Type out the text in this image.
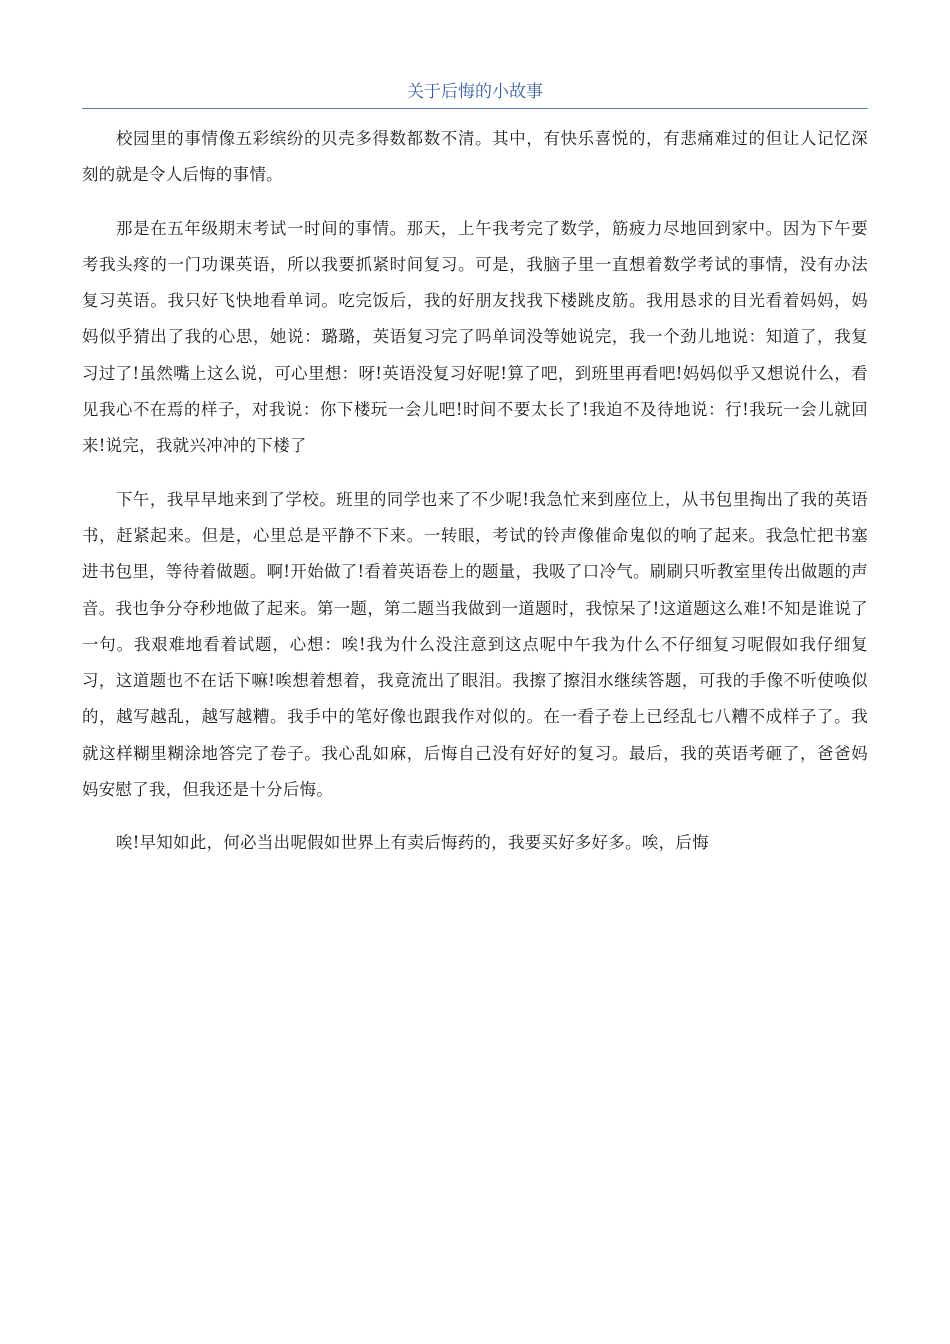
关于后悔的小故事

校园里的事情像五彩缤纷的贝壳多得数都数不清。其中，有快乐喜悦的，有悲痛难过的但让人记忆深刻的就是令人后悔的事情。

那是在五年级期末考试一时间的事情。那天，上午我考完了数学，筋疲力尽地回到家中。因为下午要考我头疼的一门功课英语，所以我要抓紧时间复习。可是，我脑子里一直想着数学考试的事情，没有办法复习英语。我只好飞快地看单词。吃完饭后，我的好朋友找我下楼跳皮筋。我用恳求的目光看着妈妈，妈妈似乎猜出了我的心思，她说：璐璐，英语复习完了吗单词没等她说完，我一个劲儿地说：知道了，我复习过了!虽然嘴上这么说，可心里想：呀!英语没复习好呢!算了吧，到班里再看吧!妈妈似乎又想说什么，看见我心不在焉的样子，对我说：你下楼玩一会儿吧!时间不要太长了!我迫不及待地说：行!我玩一会儿就回来!说完，我就兴冲冲的下楼了

下午，我早早地来到了学校。班里的同学也来了不少呢!我急忙来到座位上，从书包里掏出了我的英语书，赶紧起来。但是，心里总是平静不下来。一转眼，考试的铃声像催命鬼似的响了起来。我急忙把书塞进书包里，等待着做题。啊!开始做了!看着英语卷上的题量，我吸了口冷气。刷刷只听教室里传出做题的声音。我也争分夺秒地做了起来。第一题，第二题当我做到一道题时，我惊呆了!这道题这么难!不知是谁说了一句。我艰难地看着试题，心想：唉!我为什么没注意到这点呢中午我为什么不仔细复习呢假如我仔细复习，这道题也不在话下嘛!唉想着想着，我竟流出了眼泪。我擦了擦泪水继续答题，可我的手像不听使唤似的，越写越乱，越写越糟。我手中的笔好像也跟我作对似的。在一看子卷上已经乱七八糟不成样子了。我就这样糊里糊涂地答完了卷子。我心乱如麻，后悔自己没有好好的复习。最后，我的英语考砸了，爸爸妈妈安慰了我，但我还是十分后悔。

唉!早知如此，何必当出呢假如世界上有卖后悔药的，我要买好多好多。唉，后悔
